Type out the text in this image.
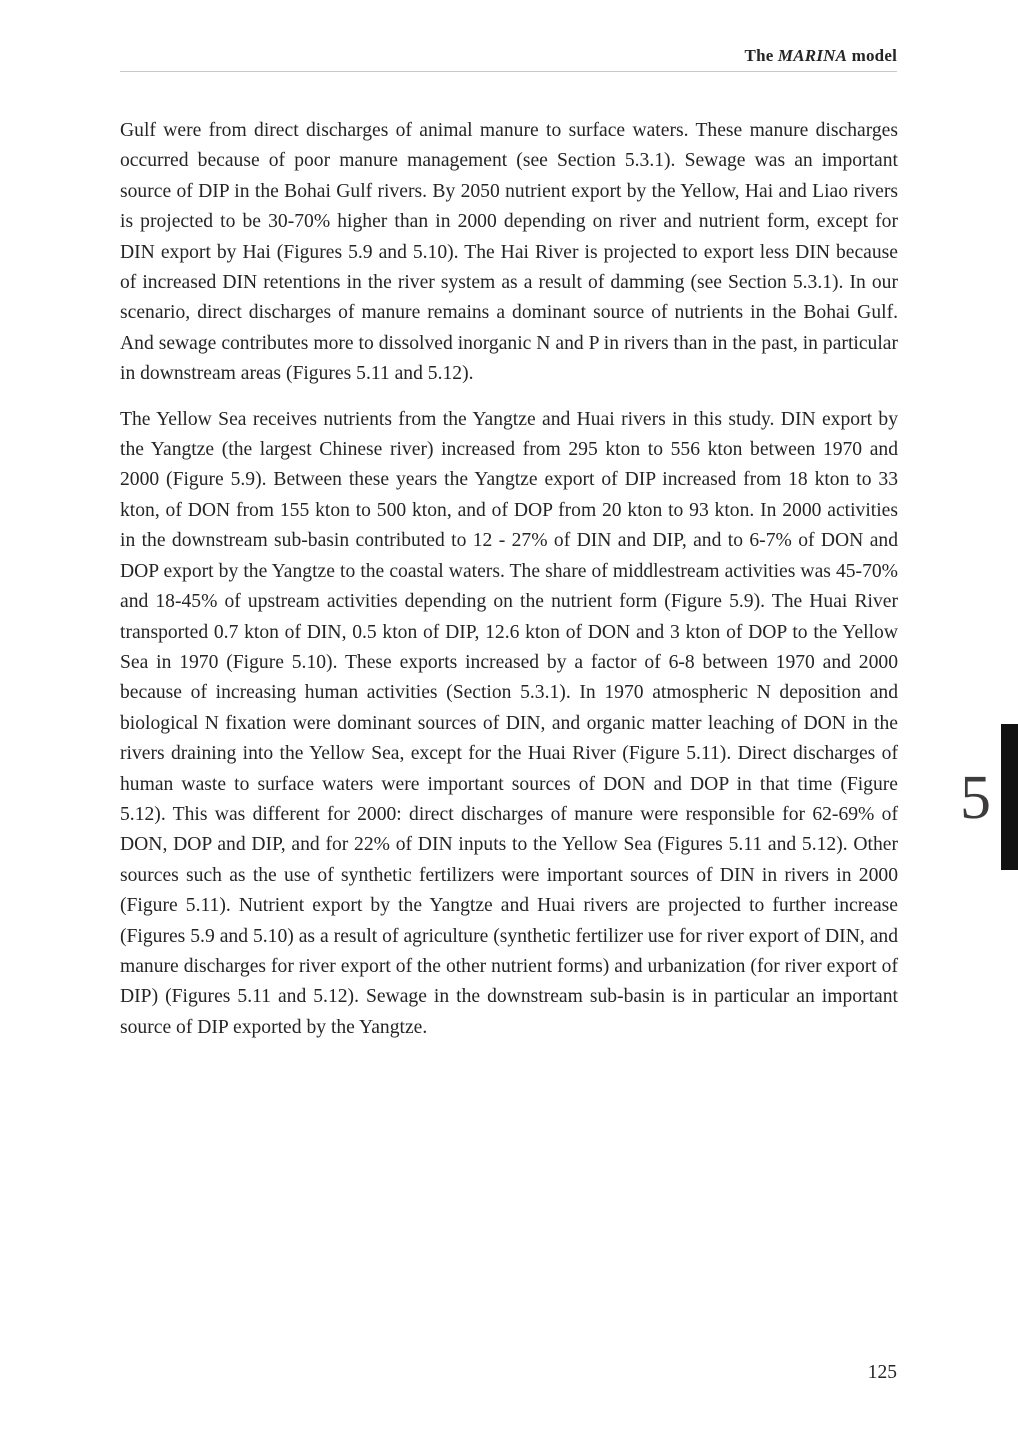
The MARINA model

Gulf were from direct discharges of animal manure to surface waters. These manure discharges occurred because of poor manure management (see Section 5.3.1). Sewage was an important source of DIP in the Bohai Gulf rivers. By 2050 nutrient export by the Yellow, Hai and Liao rivers is projected to be 30-70% higher than in 2000 depending on river and nutrient form, except for DIN export by Hai (Figures 5.9 and 5.10). The Hai River is projected to export less DIN because of increased DIN retentions in the river system as a result of damming (see Section 5.3.1). In our scenario, direct discharges of manure remains a dominant source of nutrients in the Bohai Gulf. And sewage contributes more to dissolved inorganic N and P in rivers than in the past, in particular in downstream areas (Figures 5.11 and 5.12).

The Yellow Sea receives nutrients from the Yangtze and Huai rivers in this study. DIN export by the Yangtze (the largest Chinese river) increased from 295 kton to 556 kton between 1970 and 2000 (Figure 5.9). Between these years the Yangtze export of DIP increased from 18 kton to 33 kton, of DON from 155 kton to 500 kton, and of DOP from 20 kton to 93 kton. In 2000 activities in the downstream sub-basin contributed to 12 - 27% of DIN and DIP, and to 6-7% of DON and DOP export by the Yangtze to the coastal waters. The share of middlestream activities was 45-70% and 18-45% of upstream activities depending on the nutrient form (Figure 5.9). The Huai River transported 0.7 kton of DIN, 0.5 kton of DIP, 12.6 kton of DON and 3 kton of DOP to the Yellow Sea in 1970 (Figure 5.10). These exports increased by a factor of 6-8 between 1970 and 2000 because of increasing human activities (Section 5.3.1). In 1970 atmospheric N deposition and biological N fixation were dominant sources of DIN, and organic matter leaching of DON in the rivers draining into the Yellow Sea, except for the Huai River (Figure 5.11). Direct discharges of human waste to surface waters were important sources of DON and DOP in that time (Figure 5.12). This was different for 2000: direct discharges of manure were responsible for 62-69% of DON, DOP and DIP, and for 22% of DIN inputs to the Yellow Sea (Figures 5.11 and 5.12). Other sources such as the use of synthetic fertilizers were important sources of DIN in rivers in 2000 (Figure 5.11). Nutrient export by the Yangtze and Huai rivers are projected to further increase (Figures 5.9 and 5.10) as a result of agriculture (synthetic fertilizer use for river export of DIN, and manure discharges for river export of the other nutrient forms) and urbanization (for river export of DIP) (Figures 5.11 and 5.12). Sewage in the downstream sub-basin is in particular an important source of DIP exported by the Yangtze.

5
125
